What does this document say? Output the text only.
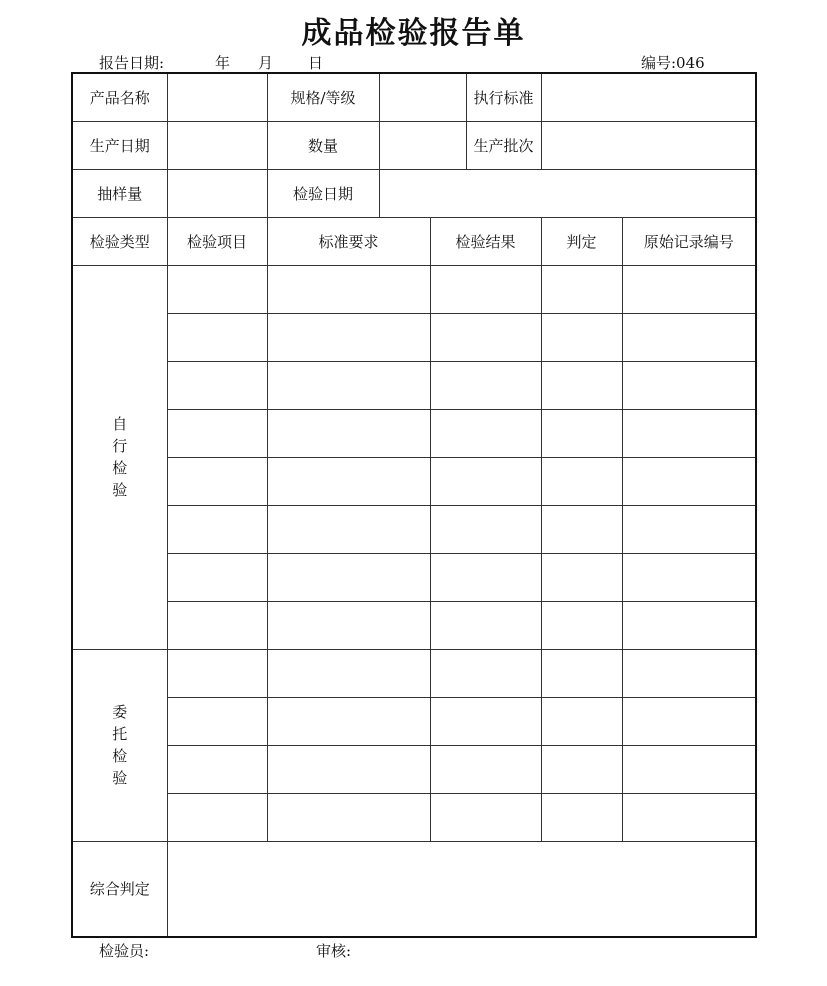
成品检验报告单
报告日期:	年 月 日	编号:046
产品名称		规格/等级			执行标准		
生产日期		数量			生产批次		
抽样量		检验日期					
检验类型	检验项目	标准要求		检验结果		判定	原始记录编号

自
行
检
验							

委
托
检
验							

综合判定							
检验员:	审核:
